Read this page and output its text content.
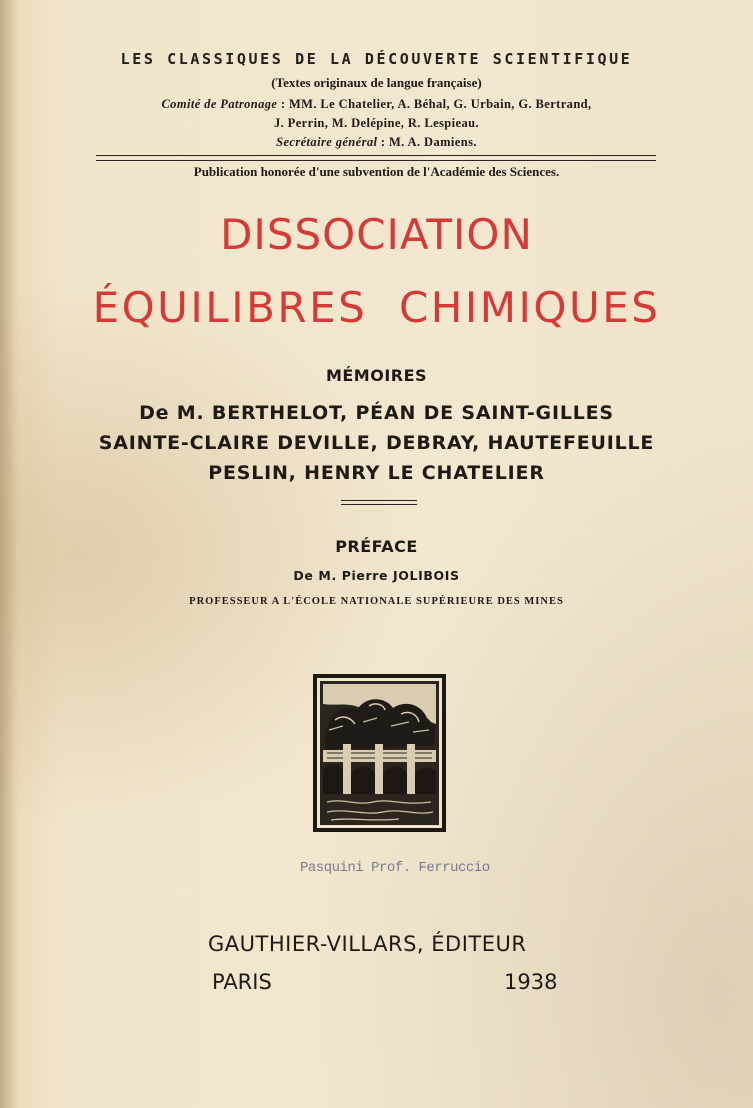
LES CLASSIQUES DE LA DÉCOUVERTE SCIENTIFIQUE
(Textes originaux de langue française)
Comité de Patronage : MM. Le Chatelier, A. Béhal, G. Urbain, G. Bertrand,
J. Perrin, M. Delépine, R. Lespieau.
Secrétaire général : M. A. Damiens.
Publication honorée d'une subvention de l'Académie des Sciences.
DISSOCIATION
ÉQUILIBRES  CHIMIQUES
MÉMOIRES
De M. BERTHELOT, PÉAN DE SAINT-GILLES
SAINTE-CLAIRE DEVILLE, DEBRAY, HAUTEFEUILLE
PESLIN, HENRY LE CHATELIER
PRÉFACE
De M. Pierre JOLIBOIS
PROFESSEUR A L'ÉCOLE NATIONALE SUPÉRIEURE DES MINES
Pasquini Prof. Ferruccio
GAUTHIER-VILLARS, ÉDITEUR
PARIS	1938
